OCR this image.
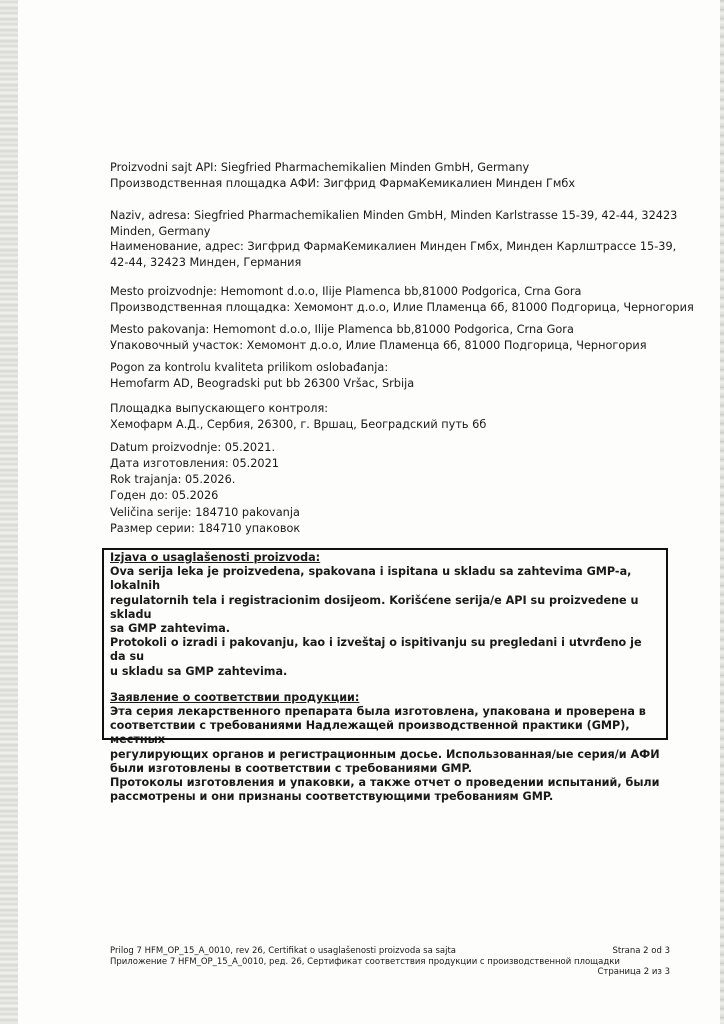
Proizvodni sajt API: Siegfried Pharmachemikalien Minden GmbH, Germany
Производственная площадка АФИ: Зигфрид ФармаКемикалиен Минден Гмбх
Naziv, adresa: Siegfried Pharmachemikalien Minden GmbH, Minden Karlstrasse 15-39, 42-44, 32423
Minden, Germany
Наименование, адрес: Зигфрид ФармаКемикалиен Минден Гмбх, Минден Карлштрассе 15-39,
42-44, 32423 Минден, Германия
Mesto proizvodnje: Hemomont d.o.o, Ilije Plamenca bb,81000 Podgorica, Crna Gora
Производственная площадка: Хемомонт д.о.о, Илие Пламенца 6б, 81000 Подгорица, Черногория
Mesto pakovanja: Hemomont d.o.o, Ilije Plamenca bb,81000 Podgorica, Crna Gora
Упаковочный участок: Хемомонт д.о.о, Илие Пламенца 6б, 81000 Подгорица, Черногория
Pogon za kontrolu kvaliteta prilikom oslobađanja:
Hemofarm AD, Beogradski put bb 26300 Vršac, Srbija
Площадка выпускающего контроля:
Хемофарм А.Д., Сербия, 26300, г. Вршац, Београдский путь 6б
Datum proizvodnje: 05.2021.
Дата изготовления: 05.2021
Rok trajanja: 05.2026.
Годен до: 05.2026
Veličina serije: 184710 pakovanja
Размер серии: 184710 упаковок
Izjava o usaglašenosti proizvoda:
Ova serija leka je proizvedena, spakovana i ispitana u skladu sa zahtevima GMP-a, lokalnih
regulatornih tela i registracionim dosijeom. Korišćene serija/e API su proizvedene u skladu
sa GMP zahtevima.
Protokoli o izradi i pakovanju, kao i izveštaj o ispitivanju su pregledani i utvrđeno je da su
u skladu sa GMP zahtevima.
Заявление о соответствии продукции:
Эта серия лекарственного препарата была изготовлена, упакована и проверена в
соответствии с требованиями Надлежащей производственной практики (GMP), местных
регулирующих органов и регистрационным досье. Использованная/ые серия/и АФИ
были изготовлены в соответствии с требованиями GMP.
Протоколы изготовления и упаковки, а также отчет о проведении испытаний, были
рассмотрены и они признаны соответствующими требованиям GMP.
Prilog 7 HFM_OP_15_A_0010, rev 26, Certifikat o usaglašenosti proizvoda sa sajta	Strana 2 od 3
Приложение 7 HFM_OP_15_A_0010, ред. 26, Сертификат соответствия продукции с производственной площадки
Страница 2 из 3
